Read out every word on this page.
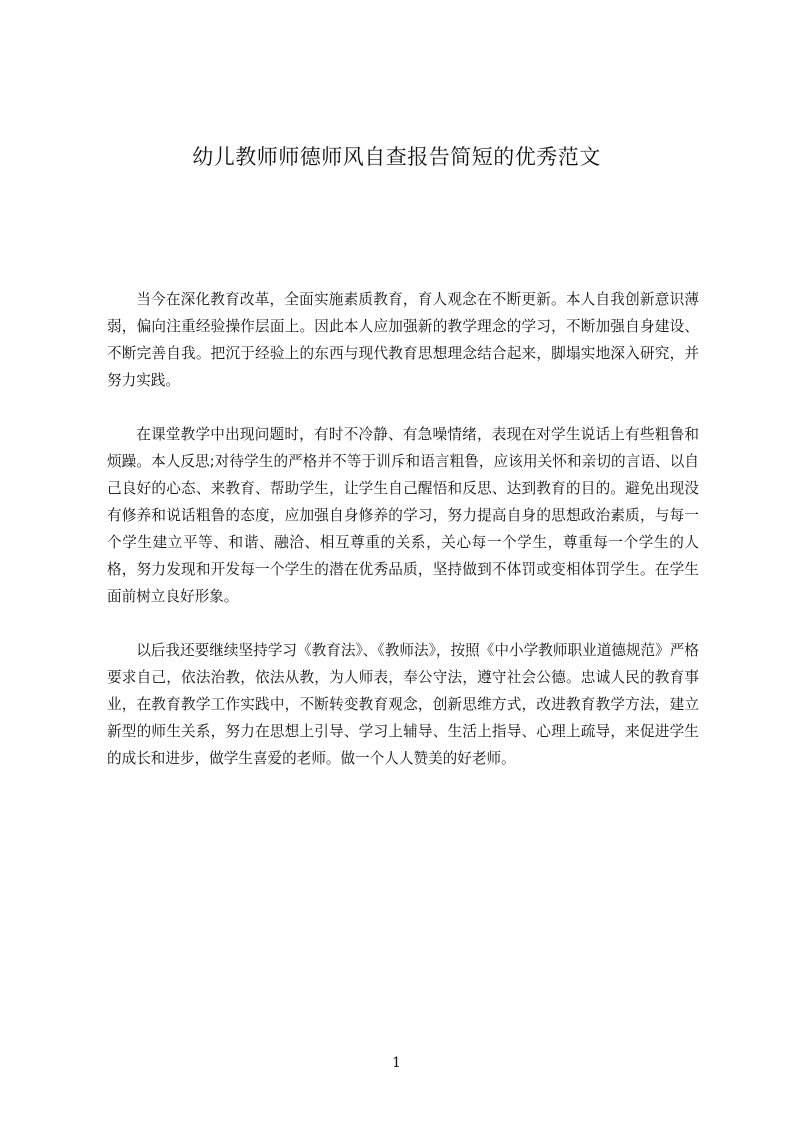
幼儿教师师德师风自查报告简短的优秀范文

当今在深化教育改革，全面实施素质教育，育人观念在不断更新。本人自我创新意识薄弱，偏向注重经验操作层面上。因此本人应加强新的教学理念的学习，不断加强自身建设、不断完善自我。把沉于经验上的东西与现代教育思想理念结合起来，脚塌实地深入研究，并努力实践。

在课堂教学中出现问题时，有时不冷静、有急噪情绪，表现在对学生说话上有些粗鲁和烦躁。本人反思;对待学生的严格并不等于训斥和语言粗鲁，应该用关怀和亲切的言语、以自己良好的心态、来教育、帮助学生，让学生自己醒悟和反思、达到教育的目的。避免出现没有修养和说话粗鲁的态度，应加强自身修养的学习，努力提高自身的思想政治素质，与每一个学生建立平等、和谐、融洽、相互尊重的关系，关心每一个学生，尊重每一个学生的人格，努力发现和开发每一个学生的潜在优秀品质，坚持做到不体罚或变相体罚学生。在学生面前树立良好形象。

以后我还要继续坚持学习《教育法》、《教师法》，按照《中小学教师职业道德规范》严格要求自己，依法治教，依法从教，为人师表，奉公守法，遵守社会公德。忠诚人民的教育事业，在教育教学工作实践中，不断转变教育观念，创新思维方式，改进教育教学方法，建立新型的师生关系，努力在思想上引导、学习上辅导、生活上指导、心理上疏导，来促进学生的成长和进步，做学生喜爱的老师。做一个人人赞美的好老师。

1
